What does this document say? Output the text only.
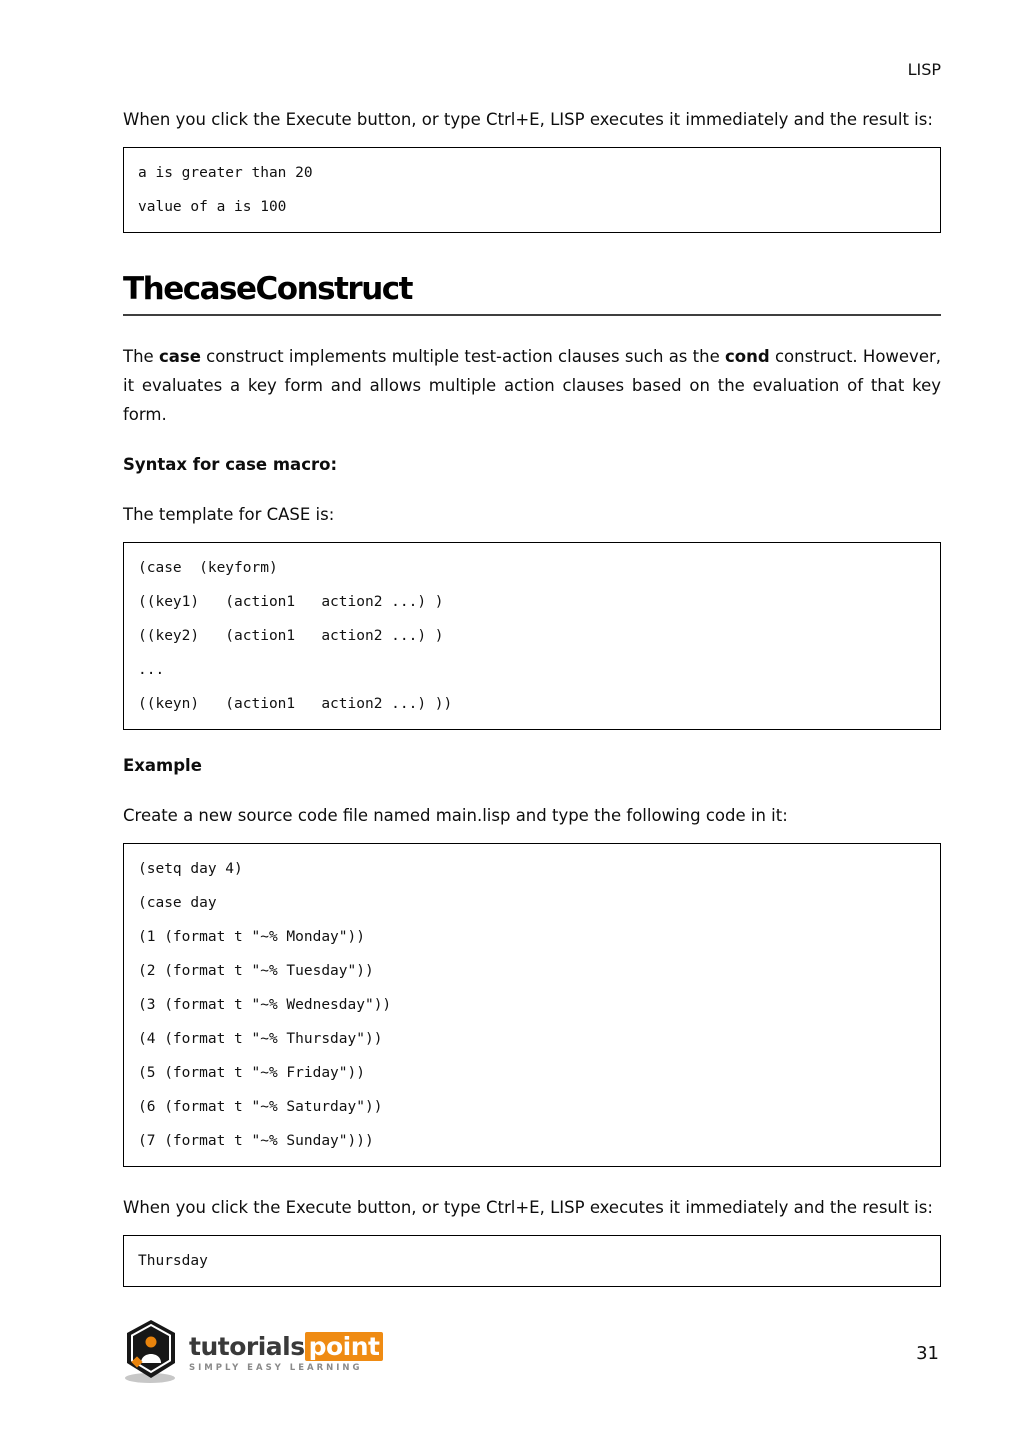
LISP

When you click the Execute button, or type Ctrl+E, LISP executes it immediately and the result is:

a is greater than 20
value of a is 100
ThecaseConstruct

The case construct implements multiple test-action clauses such as the cond construct. However, it evaluates a key form and allows multiple action clauses based on the evaluation of that key form.

Syntax for case macro:

The template for CASE is:

(case  (keyform)
((key1)   (action1   action2 ...) )
((key2)   (action1   action2 ...) )
...
((keyn)   (action1   action2 ...) ))
Example

Create a new source code file named main.lisp and type the following code in it:

(setq day 4)
(case day
(1 (format t "~% Monday"))
(2 (format t "~% Tuesday"))
(3 (format t "~% Wednesday"))
(4 (format t "~% Thursday"))
(5 (format t "~% Friday"))
(6 (format t "~% Saturday"))
(7 (format t "~% Sunday")))

When you click the Execute button, or type Ctrl+E, LISP executes it immediately and the result is:

Thursday
tutorials point
SIMPLY EASY LEARNING
31
